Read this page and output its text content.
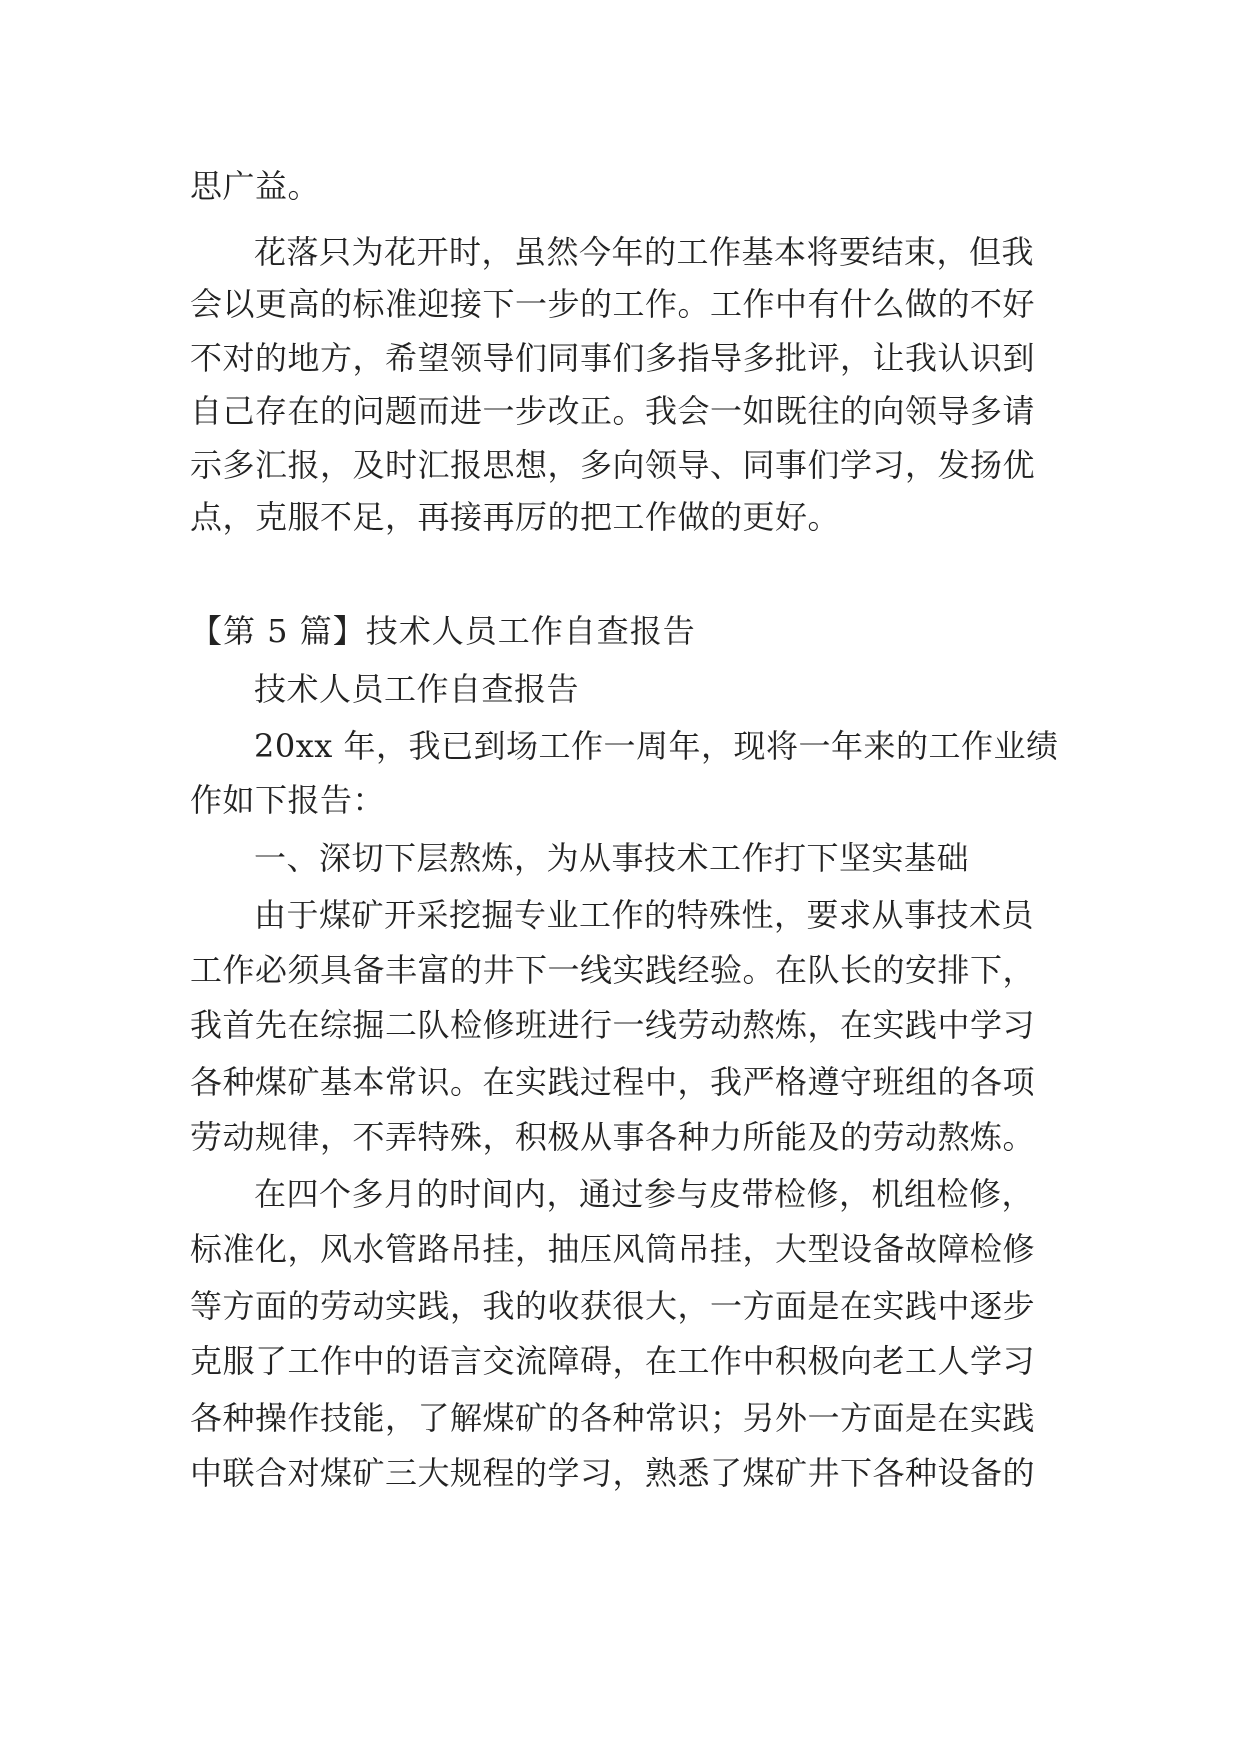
思广益。
花落只为花开时，虽然今年的工作基本将要结束，但我
会以更高的标准迎接下一步的工作。工作中有什么做的不好
不对的地方，希望领导们同事们多指导多批评，让我认识到
自己存在的问题而进一步改正。我会一如既往的向领导多请
示多汇报，及时汇报思想，多向领导、同事们学习，发扬优
点，克服不足，再接再厉的把工作做的更好。
【第 5 篇】技术人员工作自查报告
技术人员工作自查报告
20xx 年，我已到场工作一周年，现将一年来的工作业绩
作如下报告：
一、深切下层熬炼，为从事技术工作打下坚实基础
由于煤矿开采挖掘专业工作的特殊性，要求从事技术员
工作必须具备丰富的井下一线实践经验。在队长的安排下，
我首先在综掘二队检修班进行一线劳动熬炼，在实践中学习
各种煤矿基本常识。在实践过程中，我严格遵守班组的各项
劳动规律，不弄特殊，积极从事各种力所能及的劳动熬炼。
在四个多月的时间内，通过参与皮带检修，机组检修，
标准化，风水管路吊挂，抽压风筒吊挂，大型设备故障检修
等方面的劳动实践，我的收获很大，一方面是在实践中逐步
克服了工作中的语言交流障碍，在工作中积极向老工人学习
各种操作技能，了解煤矿的各种常识；另外一方面是在实践
中联合对煤矿三大规程的学习，熟悉了煤矿井下各种设备的
